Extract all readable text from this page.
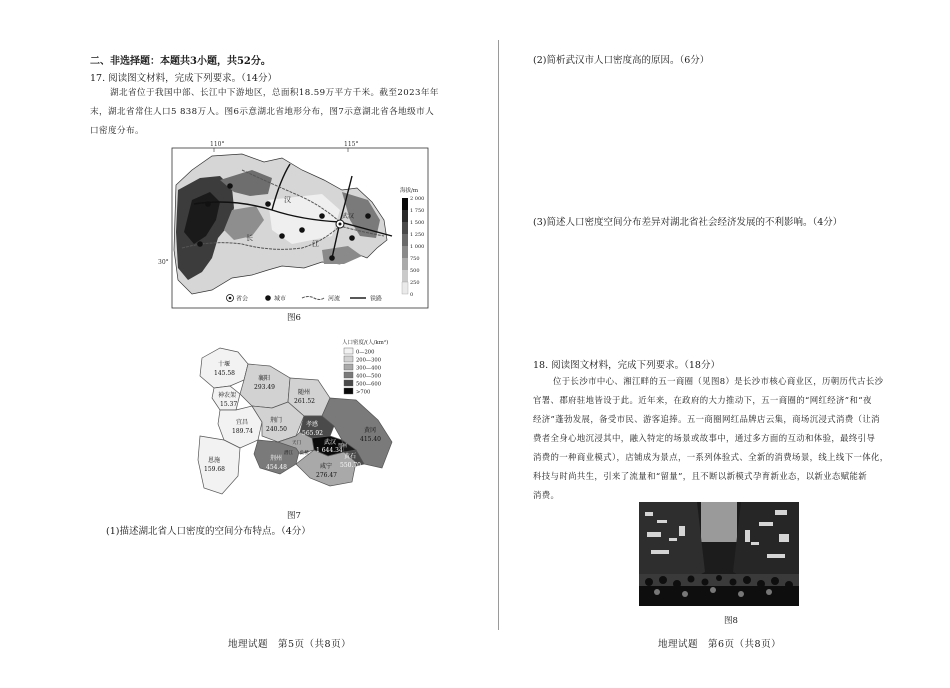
二、非选择题：本题共3小题，共52分。
17. 阅读图文材料，完成下列要求。（14分）
湖北省位于我国中部、长江中下游地区，总面积18.59万平方千米。截至2023年年
末，湖北省常住人口5 838万人。图6示意湖北省地形分布，图7示意湖北省各地级市人
口密度分布。
110°	115°
30°
汉
长
江
武汉
海拔/m
2 000
1 750
1 500
1 250
1 000
750
500
250
0
省会	城市	河流	铁路
图6
十堰
145.58
襄阳
293.49
随州
261.52
神农架
15.37
宜昌
189.74
荆门
240.50
孝感
565.92
武汉
1 644.34
黄冈
415.40
恩施
159.68
荆州
454.48	咸宁
276.47
黄石
550.70
天门
潜江 仙桃
鄂州
人口密度/(人/km²)
0—200
200—300
300—400
400—500
500—600
>700
图7
(1)描述湖北省人口密度的空间分布特点。（4分）
地理试题　第5页（共8页）
(2)简析武汉市人口密度高的原因。（6分）
(3)简述人口密度空间分布差异对湖北省社会经济发展的不利影响。（4分）
18. 阅读图文材料，完成下列要求。（18分）
位于长沙市中心、湘江畔的五一商圈（见图8）是长沙市核心商业区，历朝历代古长沙
官署、郡府驻地皆设于此。近年来，在政府的大力推动下，五一商圈的“网红经济”和“夜
经济”蓬勃发展，备受市民、游客追捧。五一商圈网红品牌店云集，商场沉浸式消费（让消
费者全身心地沉浸其中，融入特定的场景或故事中，通过多方面的互动和体验，最终引导
消费的一种商业模式），店铺成为景点，一系列体验式、全新的消费场景，线上线下一体化，
科技与时尚共生，引来了流量和“留量”，且不断以新模式孕育新业态，以新业态赋能新
消费。
图8
地理试题　第6页（共8页）
